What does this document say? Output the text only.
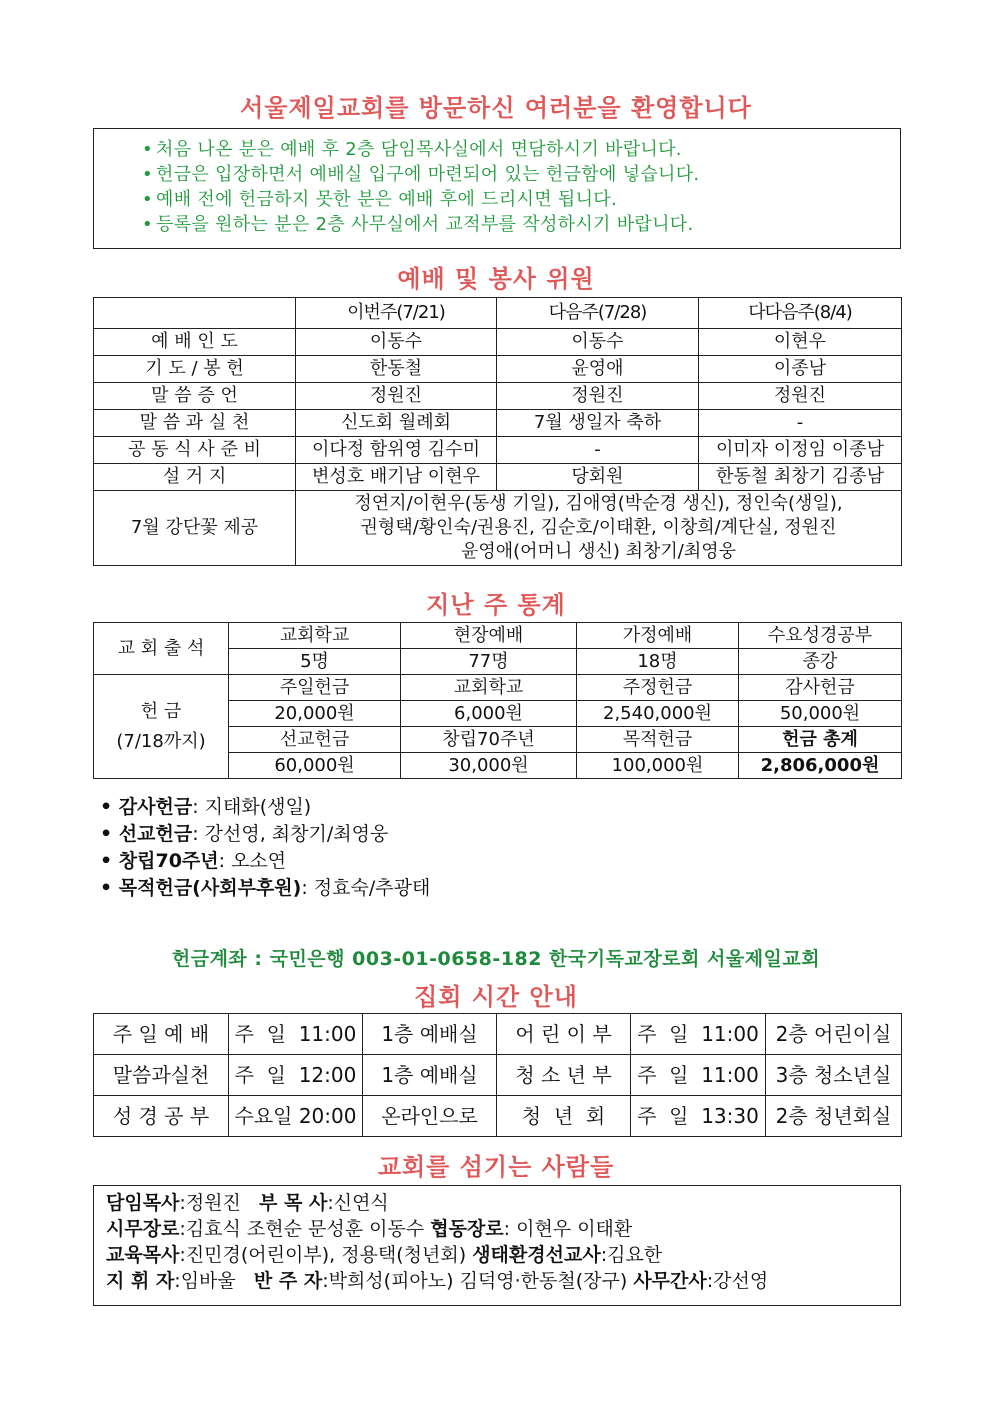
서울제일교회를 방문하신 여러분을 환영합니다
• 처음 나온 분은 예배 후 2층 담임목사실에서 면담하시기 바랍니다.
• 헌금은 입장하면서 예배실 입구에 마련되어 있는 헌금함에 넣습니다.
• 예배 전에 헌금하지 못한 분은 예배 후에 드리시면 됩니다.
• 등록을 원하는 분은 2층 사무실에서 교적부를 작성하시기 바랍니다.
예배 및 봉사 위원
	이번주(7/21)	다음주(7/28)	다다음주(8/4)
예 배 인 도	이동수	이동수	이현우
기 도 / 봉 헌	한동철	윤영애	이종남
말 씀 증 언	정원진	정원진	정원진
말 씀 과 실 천	신도회 월례회	7월 생일자 축하	-
공 동 식 사 준 비	이다정 함위영 김수미	-	이미자 이정임 이종남
설 거 지	변성호 배기남 이현우	당회원	한동철 최창기 김종남
7월 강단꽃 제공	정연지/이현우(동생 기일), 김애영(박순경 생신), 정인숙(생일),
권형택/황인숙/권용진, 김순호/이태환, 이창희/계단실, 정원진
윤영애(어머니 생신) 최창기/최영웅		
지난 주 통계
교 회 출 석	교회학교	현장예배	가정예배	수요성경공부
	5명	77명	18명	종강

헌 금
(7/18까지)	주일헌금	교회학교	주정헌금	감사헌금
	20,000원	6,000원	2,540,000원	50,000원
	선교헌금	창립70주년	목적헌금	헌금 총계
	60,000원	30,000원	100,000원	2,806,000원
• 감사헌금: 지태화(생일)
• 선교헌금: 강선영, 최창기/최영웅
• 창립70주년: 오소연
• 목적헌금(사회부후원): 정효숙/추광태
헌금계좌 : 국민은행 003-01-0658-182 한국기독교장로회 서울제일교회
집회 시간 안내
주 일 예 배	주  일  11:00	1층 예배실	어 린 이 부	주  일  11:00	2층 어린이실
말씀과실천	주  일  12:00	1층 예배실	청 소 년 부	주  일  11:00	3층 청소년실
성 경 공 부	수요일 20:00	온라인으로	청  년  회	주  일  13:30	2층 청년회실
교회를 섬기는 사람들
담임목사:정원진   부 목 사:신연식
시무장로:김효식 조현순 문성훈 이동수 협동장로: 이현우 이태환
교육목사:진민경(어린이부), 정용택(청년회) 생태환경선교사:김요한
지 휘 자:임바울   반 주 자:박희성(피아노) 김덕영·한동철(장구) 사무간사:강선영
